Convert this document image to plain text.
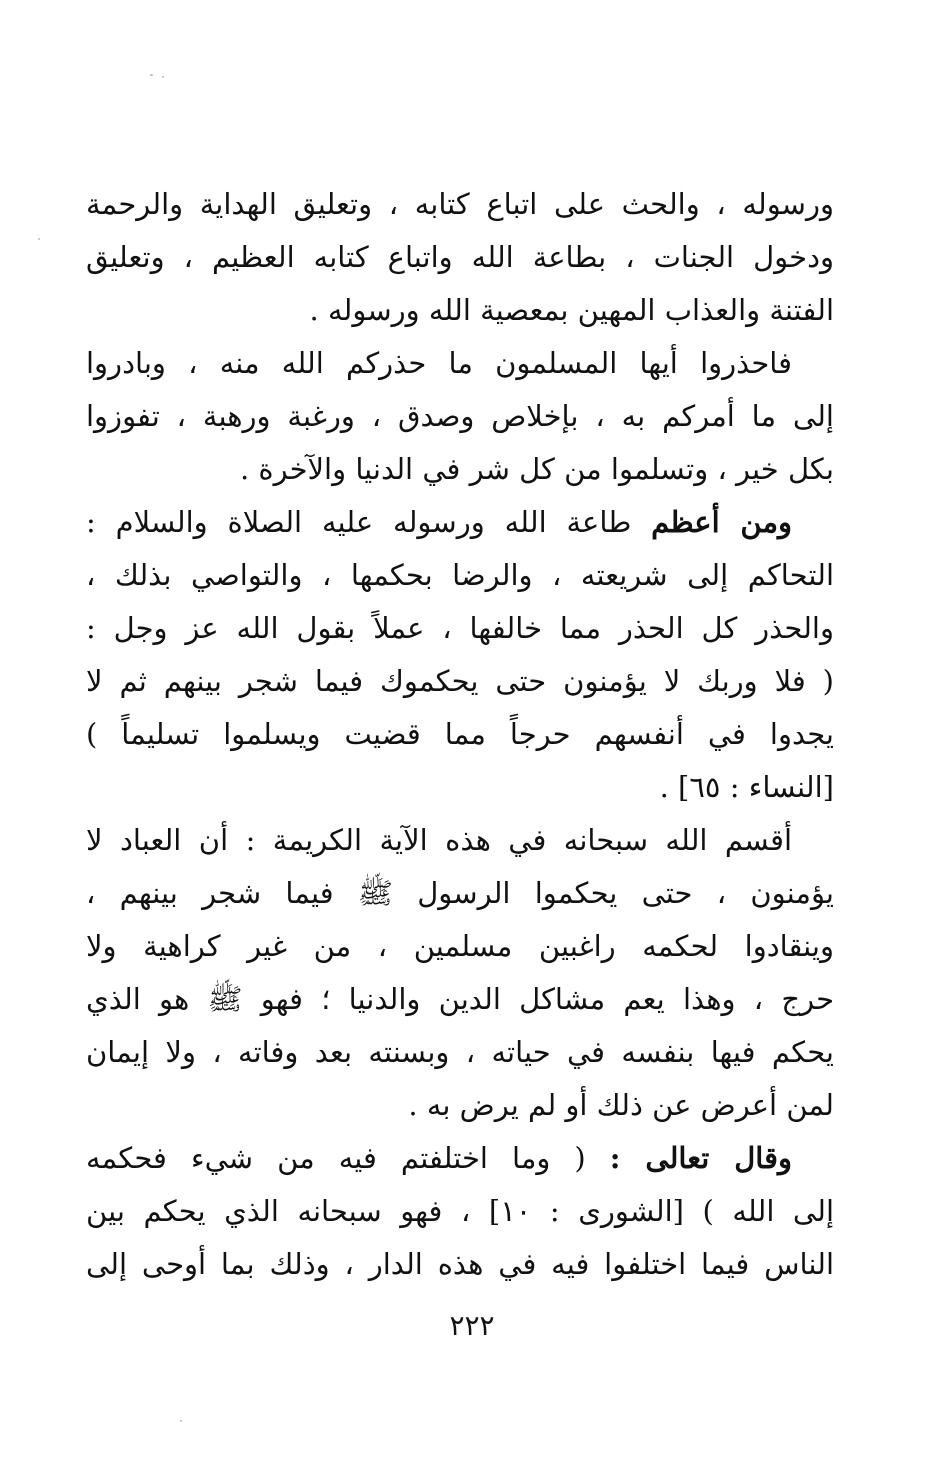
ورسوله ، والحث على اتباع كتابه ، وتعليق الهداية والرحمة
ودخول الجنات ، بطاعة الله واتباع كتابه العظيم ، وتعليق
الفتنة والعذاب المهين بمعصية الله ورسوله .
فاحذروا أيها المسلمون ما حذركم الله منه ، وبادروا
إلى ما أمركم به ، بإخلاص وصدق ، ورغبة ورهبة ، تفوزوا
بكل خير ، وتسلموا من كل شر في الدنيا والآخرة .
ومن أعظم طاعة الله ورسوله عليه الصلاة والسلام :
التحاكم إلى شريعته ، والرضا بحكمها ، والتواصي بذلك ،
والحذر كل الحذر مما خالفها ، عملاً بقول الله عز وجل :
( فلا وربك لا يؤمنون حتى يحكموك فيما شجر بينهم ثم لا
يجدوا في أنفسهم حرجاً مما قضيت ويسلموا تسليماً )
[النساء : ٦٥] .
أقسم الله سبحانه في هذه الآية الكريمة : أن العباد لا
يؤمنون ، حتى يحكموا الرسول ﷺ فيما شجر بينهم ،
وينقادوا لحكمه راغبين مسلمين ، من غير كراهية ولا
حرج ، وهذا يعم مشاكل الدين والدنيا ؛ فهو ﷺ هو الذي
يحكم فيها بنفسه في حياته ، وبسنته بعد وفاته ، ولا إيمان
لمن أعرض عن ذلك أو لم يرض به .
وقال تعالى : ( وما اختلفتم فيه من شيء فحكمه
إلى الله ) [الشورى : ١٠] ، فهو سبحانه الذي يحكم بين
الناس فيما اختلفوا فيه في هذه الدار ، وذلك بما أوحى إلى
٢٢٢
